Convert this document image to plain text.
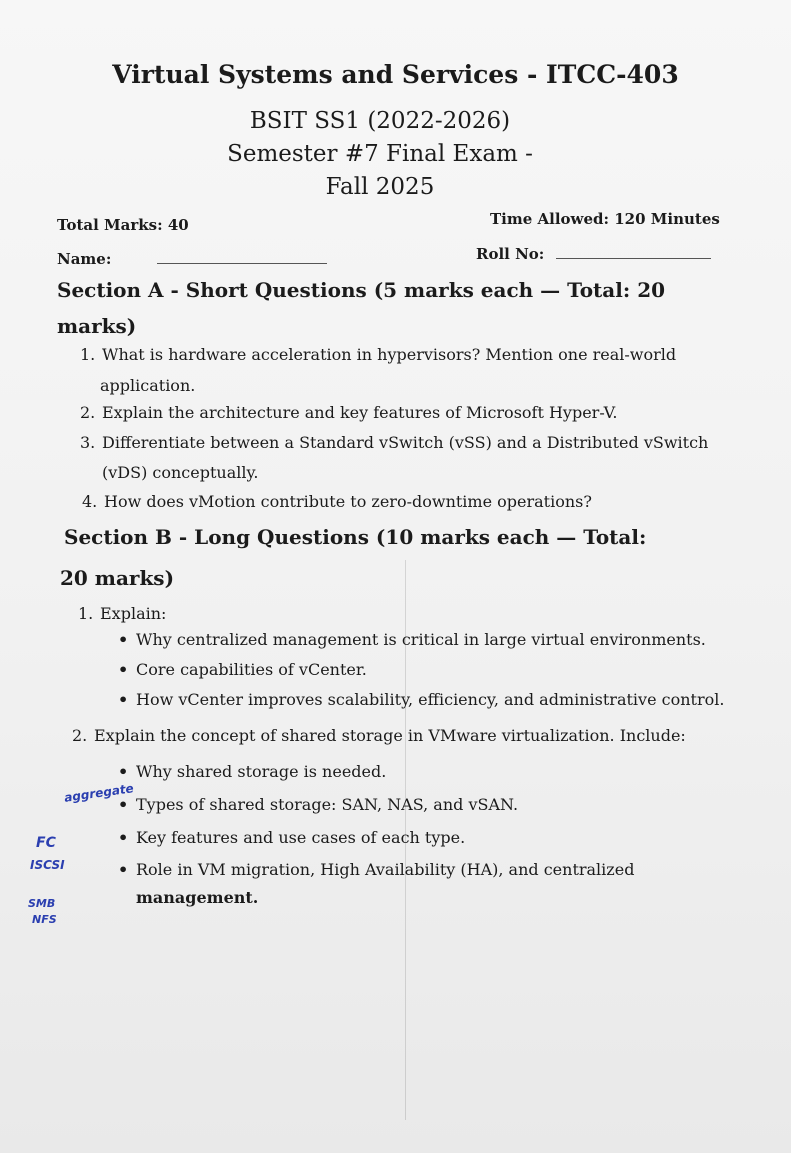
Virtual Systems and Services - ITCC-403
BSIT SS1 (2022-2026)
Semester #7 Final Exam -
Fall 2025
Total Marks: 40	Time Allowed: 120 Minutes
Name:	Roll No:
Section A - Short Questions (5 marks each — Total: 20
marks)
1. What is hardware acceleration in hypervisors? Mention one real-world
application.
2. Explain the architecture and key features of Microsoft Hyper-V.
3. Differentiate between a Standard vSwitch (vSS) and a Distributed vSwitch
(vDS) conceptually.
4. How does vMotion contribute to zero-downtime operations?
Section B - Long Questions (10 marks each — Total:
20 marks)
1. Explain:
• Why centralized management is critical in large virtual environments.
• Core capabilities of vCenter.
• How vCenter improves scalability, efficiency, and administrative control.
2. Explain the concept of shared storage in VMware virtualization. Include:
• Why shared storage is needed.
• Types of shared storage: SAN, NAS, and vSAN.
• Key features and use cases of each type.
• Role in VM migration, High Availability (HA), and centralized
management.
aggregate
FC
ISCSI
SMB
NFS
